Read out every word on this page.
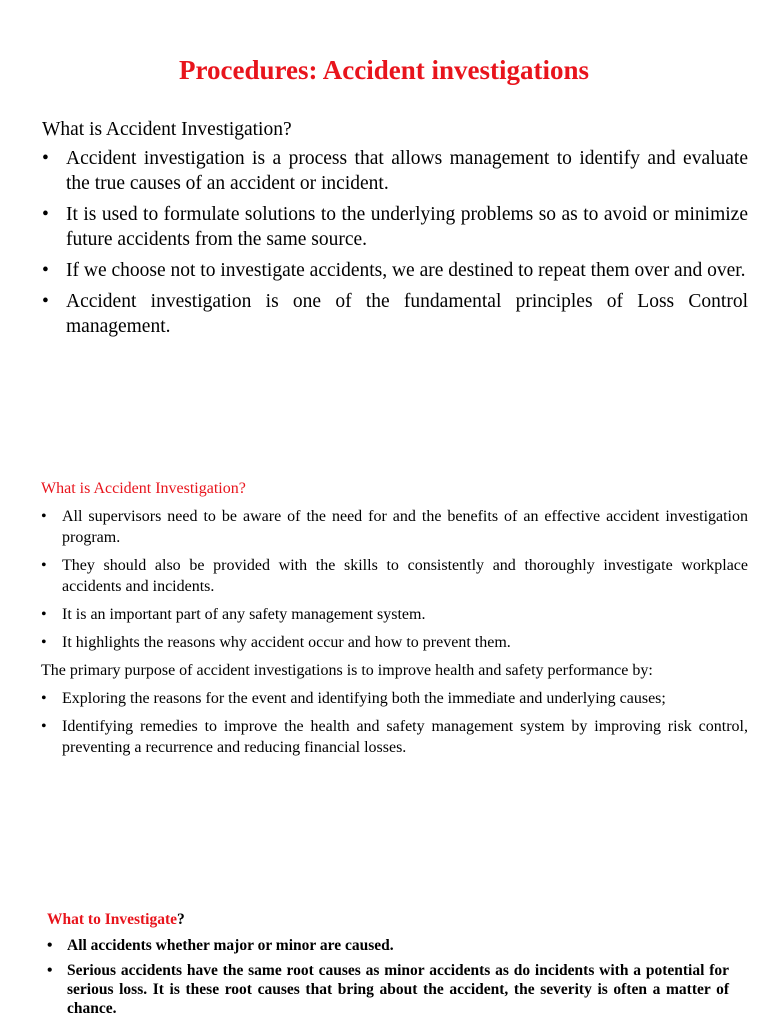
Procedures: Accident investigations
What is Accident Investigation?
• Accident investigation is a process that allows management to identify and evaluate the true causes of an accident or incident.
• It is used to formulate solutions to the underlying problems so as to avoid or minimize future accidents from the same source.
• If we choose not to investigate accidents, we are destined to repeat them over and over.
• Accident investigation is one of the fundamental principles of Loss Control management.
What is Accident Investigation?
• All supervisors need to be aware of the need for and the benefits of an effective accident investigation program.
• They should also be provided with the skills to consistently and thoroughly investigate workplace accidents and incidents.
• It is an important part of any safety management system.
• It highlights the reasons why accident occur and how to prevent them.
The primary purpose of accident investigations is to improve health and safety performance by:
• Exploring the reasons for the event and identifying both the immediate and underlying causes;
• Identifying remedies to improve the health and safety management system by improving risk control, preventing a recurrence and reducing financial losses.
What to Investigate?
• All accidents whether major or minor are caused.
• Serious accidents have the same root causes as minor accidents as do incidents with a potential for serious loss. It is these root causes that bring about the accident, the severity is often a matter of chance.
